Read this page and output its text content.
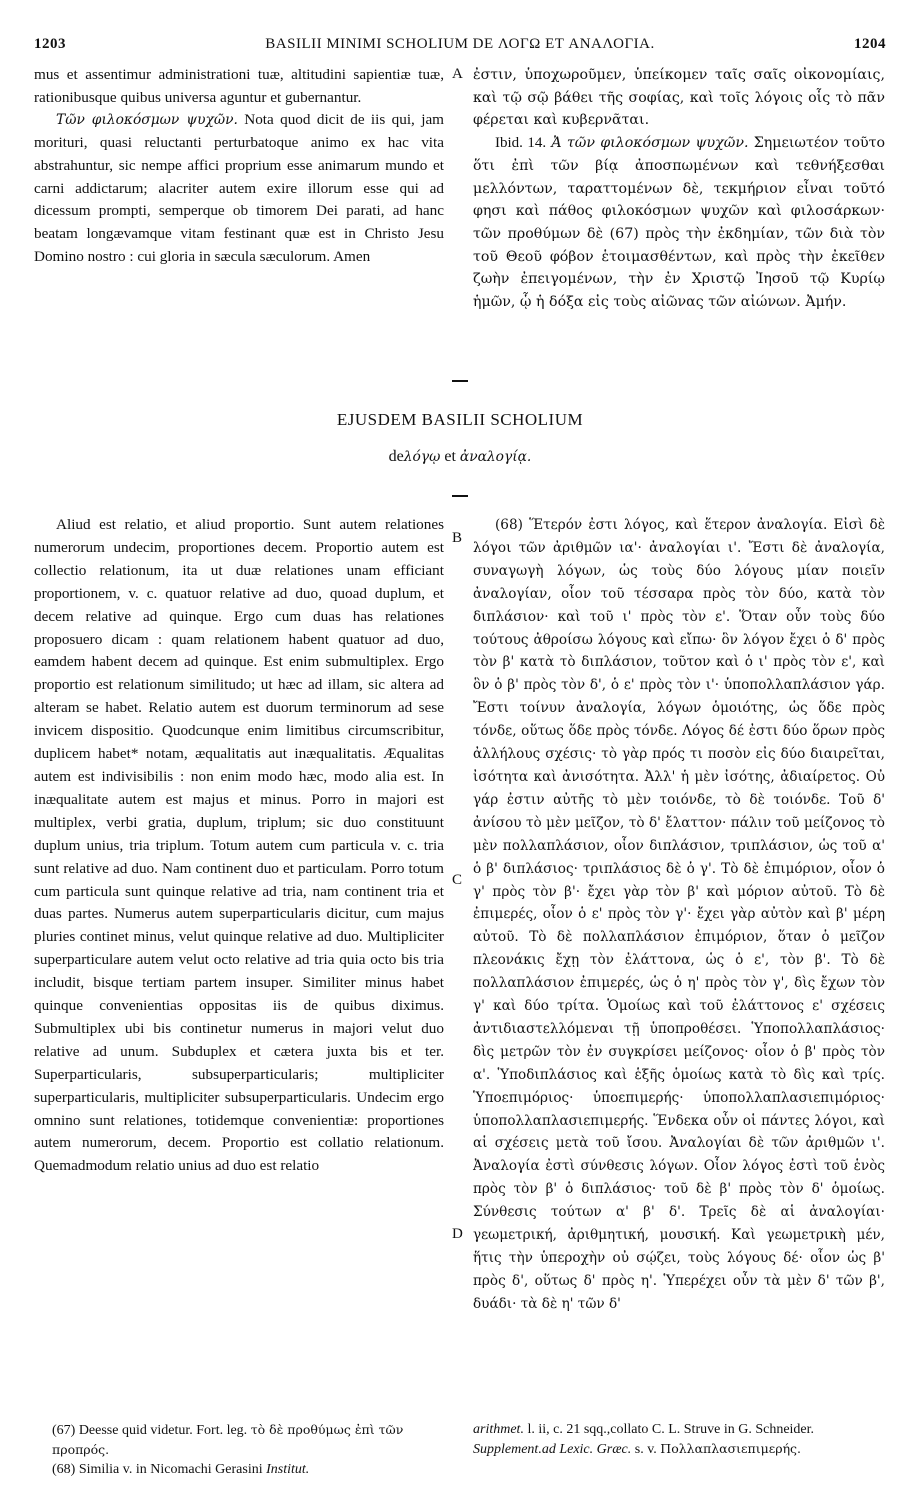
1203	BASILII MINIMI SCHOLIUM DE ΛΟΓΩ ET ΑΝΑΛΟΓΙΑ.	1204

mus et assentimur administrationi tuæ, altitudini sapientiæ tuæ, rationibusque quibus universa aguntur et gubernantur.

Τῶν φιλοκόσμων ψυχῶν. Nota quod dicit de iis qui, jam morituri, quasi reluctanti perturbatoque animo ex hac vita abstrahuntur, sic nempe affici proprium esse animarum mundo et carni addictarum; alacriter autem exire illorum esse qui ad dicessum prompti, semperque ob timorem Dei parati, ad hanc beatam longævamque vitam festinant quæ est in Christo Jesu Domino nostro : cui gloria in sæcula sæculorum. Amen

A ἐστιν, ὑποχωροῦμεν, ὑπείκομεν ταῖς σαῖς οἰκονομίαις, καὶ τῷ σῷ βάθει τῆς σοφίας, καὶ τοῖς λόγοις οἷς τὸ πᾶν φέρεται καὶ κυβερνᾶται.

Ibid. 14. Ἀ τῶν φιλοκόσμων ψυχῶν. Σημειωτέον τοῦτο ὅτι ἐπὶ τῶν βίᾳ ἀποσπωμένων καὶ τεθνήξεσθαι μελλόντων, ταραττομένων δὲ, τεκμήριον εἶναι τοῦτό φησι καὶ πάθος φιλοκόσμων ψυχῶν καὶ φιλοσάρκων· τῶν προθύμων δὲ (67) πρὸς τὴν ἐκδημίαν, τῶν διὰ τὸν τοῦ Θεοῦ φόβον ἑτοιμασθέντων, καὶ πρὸς τὴν ἐκεῖθεν ζωὴν ἐπειγομένων, τὴν ἐν Χριστῷ Ἰησοῦ τῷ Κυρίῳ ἡμῶν, ᾧ ἡ δόξα εἰς τοὺς αἰῶνας τῶν αἰώνων. Ἀμήν.

EJUSDEM BASILII SCHOLIUM
deλόγῳ et ἀναλογίᾳ.

Aliud est relatio, et aliud proportio. Sunt autem relationes numerorum undecim, proportiones decem. Proportio autem est collectio relationum, ita ut duæ relationes unam efficiant proportionem, v. c. quatuor relative ad duo, quoad duplum, et decem relative ad quinque. Ergo cum duas has relationes proposuero dicam : quam relationem habent quatuor ad duo, eamdem habent decem ad quinque. Est enim submultiplex. Ergo proportio est relationum similitudo; ut hæc ad illam, sic altera ad alteram se habet. Relatio autem est duorum terminorum ad sese invicem dispositio. Quodcunque enim limitibus circumscribitur, duplicem habet* notam, æqualitatis aut inæqualitatis. Æqualitas autem est indivisibilis : non enim modo hæc, modo alia est. In inæqualitate autem est majus et minus. Porro in majori est multiplex, verbi gratia, duplum, triplum; sic duo constituunt duplum unius, tria triplum. Totum autem cum particula v. c. tria sunt relative ad duo. Nam continent duo et particulam. Porro totum cum particula sunt quinque relative ad tria, nam continent tria et duas partes. Numerus autem superparticularis dicitur, cum majus pluries continet minus, velut quinque relative ad duo. Multipliciter superparticulare autem velut octo relative ad tria quia octo bis tria includit, bisque tertiam partem insuper. Similiter minus habet quinque convenientias oppositas iis de quibus diximus. Submultiplex ubi bis continetur numerus in majori velut duo relative ad unum. Subduplex et cætera juxta bis et ter. Superparticularis, subsuperparticularis; multipliciter superparticularis, multipliciter subsuperparticularis. Undecim ergo omnino sunt relationes, totidemque convenientiæ: proportiones autem numerorum, decem. Proportio est collatio relationum. Quemadmodum relatio unius ad duo est relatio

B
C
D

(68) Ἕτερόν ἐστι λόγος, καὶ ἕτερον ἀναλογία. Εἰσὶ δὲ λόγοι τῶν ἀριθμῶν ια'· ἀναλογίαι ι'. Ἔστι δὲ ἀναλογία, συναγωγὴ λόγων, ὡς τοὺς δύο λόγους μίαν ποιεῖν ἀναλογίαν, οἷον τοῦ τέσσαρα πρὸς τὸν δύο, κατὰ τὸν διπλάσιον· καὶ τοῦ ι' πρὸς τὸν ε'. Ὅταν οὖν τοὺς δύο τούτους ἀθροίσω λόγους καὶ εἴπω· ὃν λόγον ἔχει ὁ δ' πρὸς τὸν β' κατὰ τὸ διπλάσιον, τοῦτον καὶ ὁ ι' πρὸς τὸν ε', καὶ ὃν ὁ β' πρὸς τὸν δ', ὁ ε' πρὸς τὸν ι'· ὑποπολλαπλάσιον γάρ. Ἔστι τοίνυν ἀναλογία, λόγων ὁμοιότης, ὡς ὅδε πρὸς τόνδε, οὕτως ὅδε πρὸς τόνδε. Λόγος δέ ἐστι δύο ὅρων πρὸς ἀλλήλους σχέσις· τὸ γὰρ πρός τι ποσὸν εἰς δύο διαιρεῖται, ἰσότητα καὶ ἀνισότητα. Ἀλλ' ἡ μὲν ἰσότης, ἀδιαίρετος. Οὐ γάρ ἐστιν αὐτῆς τὸ μὲν τοιόνδε, τὸ δὲ τοιόνδε. Τοῦ δ' ἀνίσου τὸ μὲν μεῖζον, τὸ δ' ἔλαττον· πάλιν τοῦ μείζονος τὸ μὲν πολλαπλάσιον, οἷον διπλάσιον, τριπλάσιον, ὡς τοῦ α' ὁ β' διπλάσιος· τριπλάσιος δὲ ὁ γ'. Τὸ δὲ ἐπιμόριον, οἷον ὁ γ' πρὸς τὸν β'· ἔχει γὰρ τὸν β' καὶ μόριον αὐτοῦ. Τὸ δὲ ἐπιμερές, οἷον ὁ ε' πρὸς τὸν γ'· ἔχει γὰρ αὐτὸν καὶ β' μέρη αὐτοῦ. Τὸ δὲ πολλαπλάσιον ἐπιμόριον, ὅταν ὁ μεῖζον πλεονάκις ἔχῃ τὸν ἐλάττονα, ὡς ὁ ε', τὸν β'. Τὸ δὲ πολλαπλάσιον ἐπιμερές, ὡς ὁ η' πρὸς τὸν γ', δὶς ἔχων τὸν γ' καὶ δύο τρίτα. Ὁμοίως καὶ τοῦ ἐλάττονος ε' σχέσεις ἀντιδιαστελλόμεναι τῇ ὑποπροθέσει. Ὑποπολλαπλάσιος· δὶς μετρῶν τὸν ἐν συγκρίσει μείζονος· οἷον ὁ β' πρὸς τὸν α'. Ὑποδιπλάσιος καὶ ἑξῆς ὁμοίως κατὰ τὸ δὶς καὶ τρίς. Ὑποεπιμόριος· ὑποεπιμερής· ὑποπολλαπλασιεπιμόριος· ὑποπολλαπλασιεπιμερής. Ἕνδεκα οὖν οἱ πάντες λόγοι, καὶ αἱ σχέσεις μετὰ τοῦ ἴσου. Ἀναλογίαι δὲ τῶν ἀριθμῶν ι'. Ἀναλογία ἐστὶ σύνθεσις λόγων. Οἷον λόγος ἐστὶ τοῦ ἑνὸς πρὸς τὸν β' ὁ διπλάσιος· τοῦ δὲ β' πρὸς τὸν δ' ὁμοίως. Σύνθεσις τούτων α' β' δ'. Τρεῖς δὲ αἱ ἀναλογίαι· γεωμετρική, ἀριθμητική, μουσική. Καὶ γεωμετρικὴ μέν, ἥτις τὴν ὑπεροχὴν οὐ σῴζει, τοὺς λόγους δέ· οἷον ὡς β' πρὸς δ', οὕτως δ' πρὸς η'. Ὑπερέχει οὖν τὰ μὲν δ' τῶν β', δυάδι· τὰ δὲ η' τῶν δ'

(67) Deesse quid videtur. Fort. leg. τὸ δὲ προθύμως ἐπὶ τῶν προπρός.

(68) Similia v. in Nicomachi Gerasini Institut.

arithmet. l. ii, c. 21 sqq.,collato C. L. Struve in G. Schneider. Supplement.ad Lexic. Græc. s. v. Πολλαπλασιεπιμερής.
